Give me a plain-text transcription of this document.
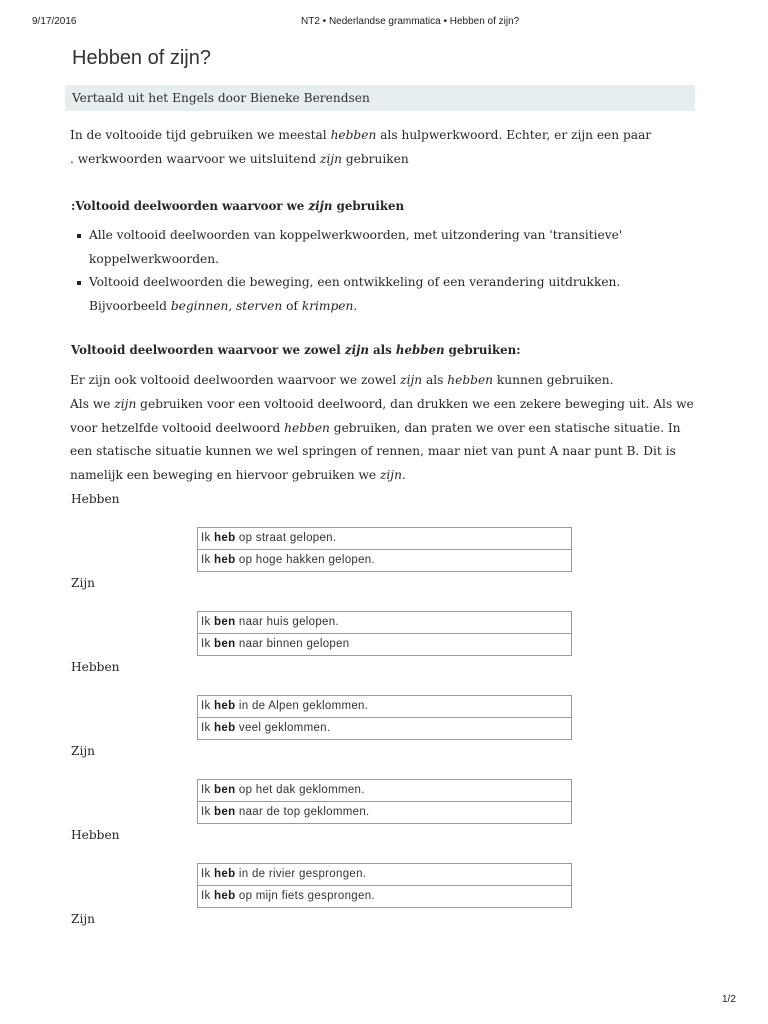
9/17/2016	NT2 • Nederlandse grammatica • Hebben of zijn?
Hebben of zijn?
Vertaald uit het Engels door Bieneke Berendsen

In de voltooide tijd gebruiken we meestal hebben als hulpwerkwoord. Echter, er zijn een paar
. werkwoorden waarvoor we uitsluitend zijn gebruiken

:Voltooid deelwoorden waarvoor we zijn gebruiken
Alle voltooid deelwoorden van koppelwerkwoorden, met uitzondering van 'transitieve'
koppelwerkwoorden.
Voltooid deelwoorden die beweging, een ontwikkeling of een verandering uitdrukken.
Bijvoorbeeld beginnen, sterven of krimpen.
Voltooid deelwoorden waarvoor we zowel zijn als hebben gebruiken:

Er zijn ook voltooid deelwoorden waarvoor we zowel zijn als hebben kunnen gebruiken.
Als we zijn gebruiken voor een voltooid deelwoord, dan drukken we een zekere beweging uit. Als we
voor hetzelfde voltooid deelwoord hebben gebruiken, dan praten we over een statische situatie. In
een statische situatie kunnen we wel springen of rennen, maar niet van punt A naar punt B. Dit is
namelijk een beweging en hiervoor gebruiken we zijn.

Hebben
Ik heb op straat gelopen.
Ik heb op hoge hakken gelopen.
Zijn
Ik ben naar huis gelopen.
Ik ben naar binnen gelopen
Hebben
Ik heb in de Alpen geklommen.
Ik heb veel geklommen.
Zijn
Ik ben op het dak geklommen.
Ik ben naar de top geklommen.
Hebben
Ik heb in de rivier gesprongen.
Ik heb op mijn fiets gesprongen.
Zijn
1/2
